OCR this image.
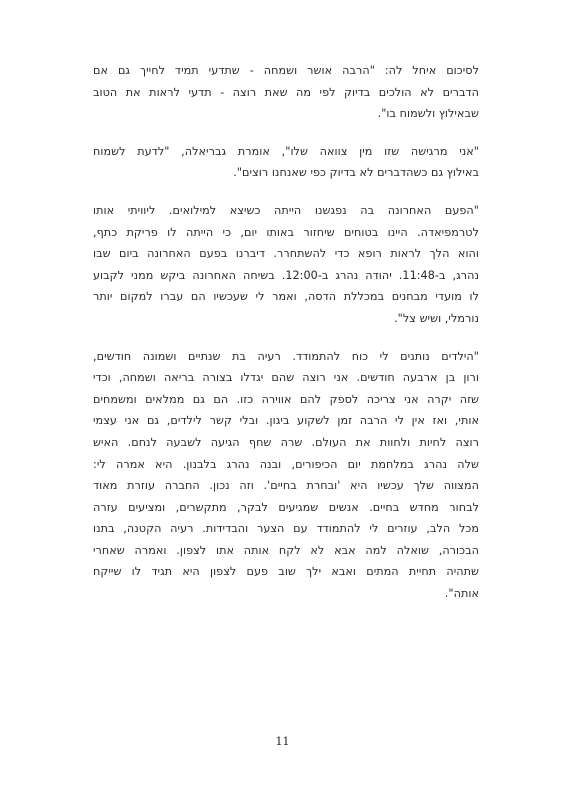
לסיכום איחל לה: "הרבה אושר ושמחה - שתדעי תמיד לחייך גם אם
הדברים לא הולכים בדיוק לפי מה שאת רוצה - תדעי לראות את הטוב
שבאילוץ ולשמוח בו".
"אני מרגישה שזו מין צוואה שלו", אומרת גבריאלה, "לדעת לשמוח
באילוץ גם כשהדברים לא בדיוק כפי שאנחנו רוצים".
"הפעם האחרונה בה נפגשנו הייתה כשיצא למילואים. ליוויתי אותו
לטרמפיאדה. היינו בטוחים שיחזור באותו יום, כי הייתה לו פריקת כתף,
והוא הלך לראות רופא כדי להשתחרר. דיברנו בפעם האחרונה ביום שבו
נהרג, ב-11:48. יהודה נהרג ב-12:00. בשיחה האחרונה ביקש ממני לקבוע
לו מועדי מבחנים במכללת הדסה, ואמר לי שעכשיו הם עברו למקום יותר
נורמלי, ושיש צל".
"הילדים נותנים לי כוח להתמודד. רעיה בת שנתיים ושמונה חודשים,
ורון בן ארבעה חודשים. אני רוצה שהם יגדלו בצורה בריאה ושמחה, וכדי
שזה יקרה אני צריכה לספק להם אווירה כזו. הם גם ממלאים ומשמחים
אותי, ואז אין לי הרבה זמן לשקוע ביגון. ובלי קשר לילדים, גם אני עצמי
רוצה לחיות ולחוות את העולם. שרה שחף הגיעה לשבעה לנחם. האיש
שלה נהרג במלחמת יום הכיפורים, ובנה נהרג בלבנון. היא אמרה לי:
המצווה שלך עכשיו היא 'ובחרת בחיים'. וזה נכון. החברה עוזרת מאוד
לבחור מחדש בחיים. אנשים שמגיעים לבקר, מתקשרים, ומציעים עזרה
מכל הלב, עוזרים לי להתמודד עם הצער והבדידות. רעיה הקטנה, בתנו
הבכורה, שואלה למה אבא לא לקח אותה אתו לצפון. ואמרה שאחרי
שתהיה תחיית המתים ואבא ילך שוב פעם לצפון היא תגיד לו שייקח
אותה".
11
